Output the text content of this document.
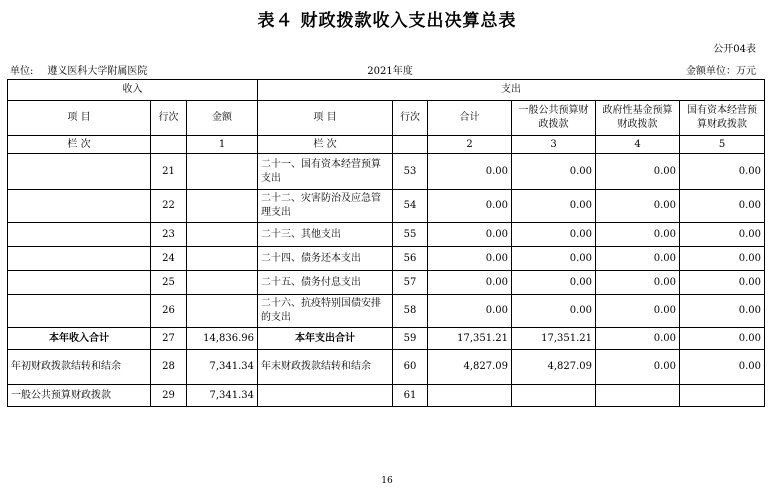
表４ 财政拨款收入支出决算总表
公开04表
单位: 遵义医科大学附属医院	2021年度	金额单位：万元
收入			支出					
项 目	行次	金额	项 目	行次	合计	一般公共预算财政拨款	政府性基金预算财政拨款	国有资本经营预算财政拨款
栏 次		1	栏 次		2	3	4	5
	21		二十一、国有资本经营预算支出	53	0.00	0.00	0.00	0.00
	22		二十二、灾害防治及应急管理支出	54	0.00	0.00	0.00	0.00
	23		二十三、其他支出	55	0.00	0.00	0.00	0.00
	24		二十四、债务还本支出	56	0.00	0.00	0.00	0.00
	25		二十五、债务付息支出	57	0.00	0.00	0.00	0.00
	26		二十六、抗疫特别国债安排的支出	58	0.00	0.00	0.00	0.00
本年收入合计	27	14,836.96	本年支出合计	59	17,351.21	17,351.21	0.00	0.00
年初财政拨款结转和结余	28	7,341.34	年末财政拨款结转和结余	60	4,827.09	4,827.09	0.00	0.00
一般公共预算财政拨款	29	7,341.34		61				
16
